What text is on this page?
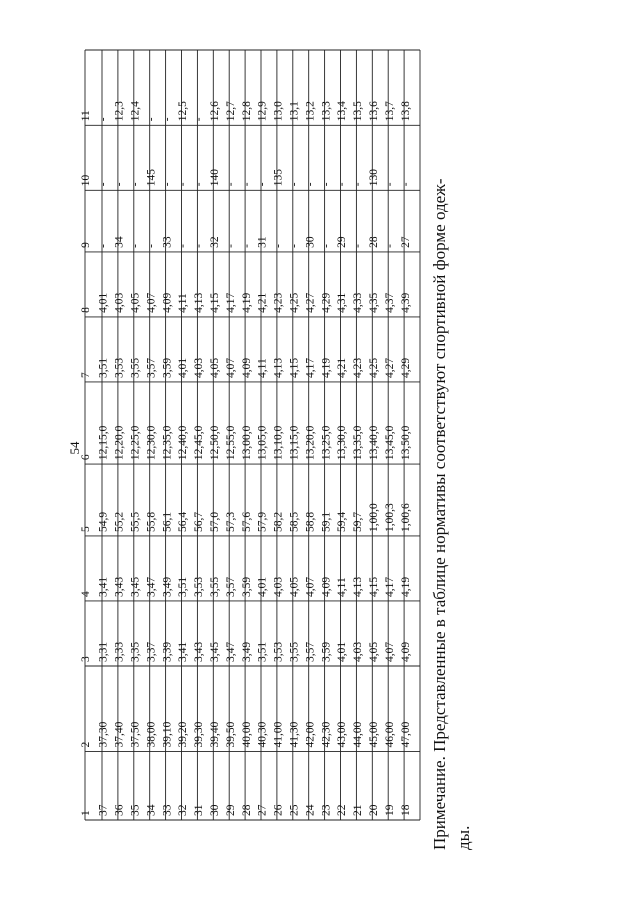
54
1
2
3
4
5
6
7
8
9
10
11
37
37,30
3,31
3,41
54,9
12,15,0
3,51
4,01
-
-
-
36
37,40
3,33
3,43
55,2
12,20,0
3,53
4,03
34
-
12,3
35
37,50
3,35
3,45
55,5
12,25,0
3,55
4,05
-
-
12,4
34
38,00
3,37
3,47
55,8
12,30,0
3,57
4,07
-
145
-
33
39,10
3,39
3,49
56,1
12,35,0
3,59
4,09
33
-
-
32
39,20
3,41
3,51
56,4
12,40,0
4,01
4,11
-
-
12,5
31
39,30
3,43
3,53
56,7
12,45,0
4,03
4,13
-
-
-
30
39,40
3,45
3,55
57,0
12,50,0
4,05
4,15
32
140
12,6
29
39,50
3,47
3,57
57,3
12,55,0
4,07
4,17
-
-
12,7
28
40,00
3,49
3,59
57,6
13,00,0
4,09
4,19
-
-
12,8
27
40,30
3,51
4,01
57,9
13,05,0
4,11
4,21
31
-
12,9
26
41,00
3,53
4,03
58,2
13,10,0
4,13
4,23
-
135
13,0
25
41,30
3,55
4,05
58,5
13,15,0
4,15
4,25
-
-
13,1
24
42,00
3,57
4,07
58,8
13,20,0
4,17
4,27
30
-
13,2
23
42,30
3,59
4,09
59,1
13,25,0
4,19
4,29
-
-
13,3
22
43,00
4,01
4,11
59,4
13,30,0
4,21
4,31
29
-
13,4
21
44,00
4,03
4,13
59,7
13,35,0
4,23
4,33
-
-
13,5
20
45,00
4,05
4,15
1,00,0
13,40,0
4,25
4,35
28
130
13,6
19
46,00
4,07
4,17
1,00,3
13,45,0
4,27
4,37
-
-
13,7
18
47,00
4,09
4,19
1,00,6
13,50,0
4,29
4,39
27
-
13,8
Примечание. Представленные в таблице нормативы соответствуют спортивной форме одеж- ды.
